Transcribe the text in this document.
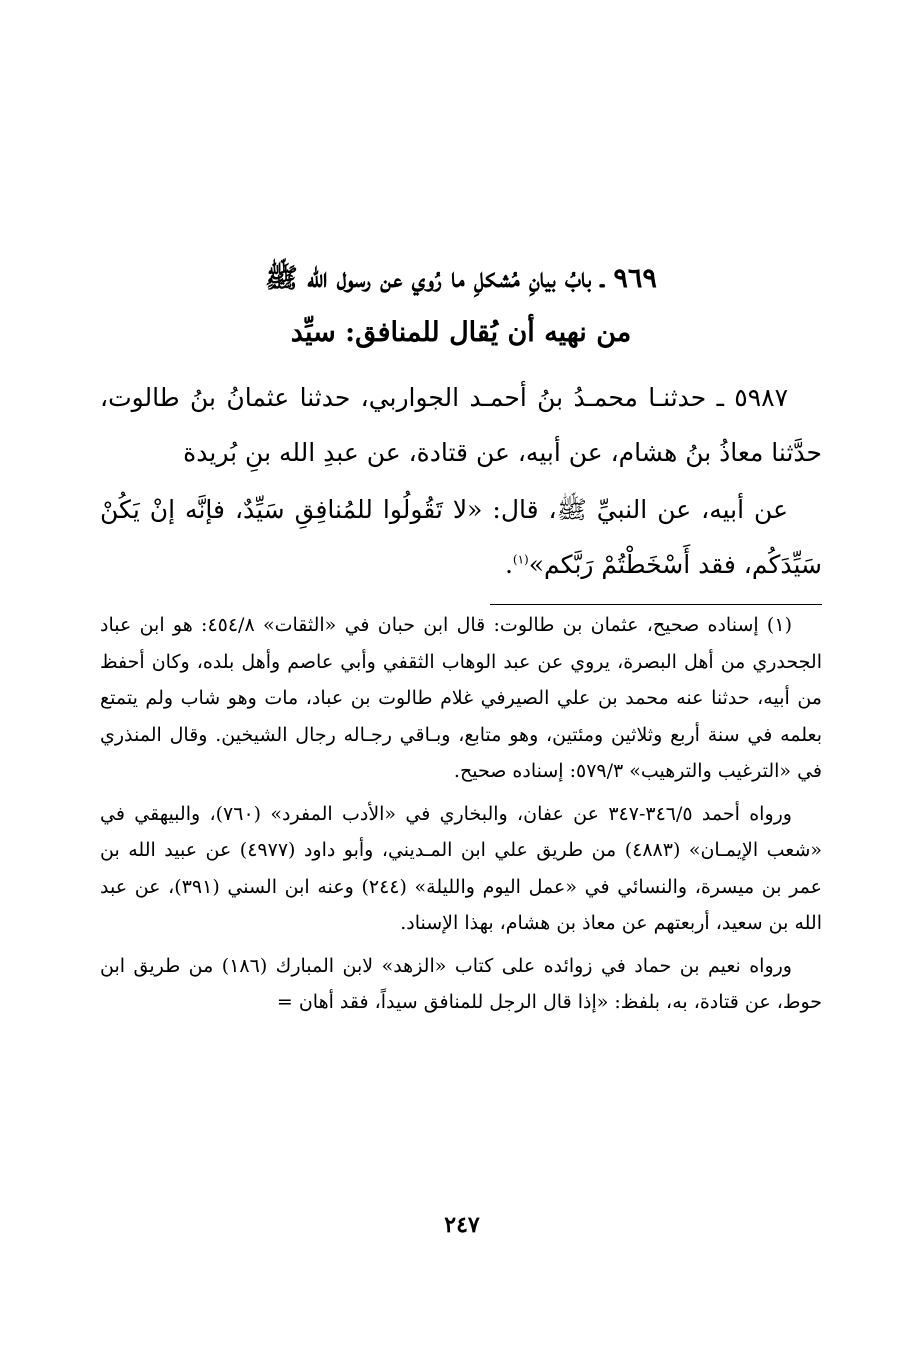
٩٦٩ ـ بابُ بيانِ مُشكلِ ما رُوي عن رسول الله ﷺ
من نهيه أن يُقال للمنافق: سيِّد

٥٩٨٧ ـ حدثنـا محمـدُ بنُ أحمـد الجواربي، حدثنا عثمانُ بنُ طالوت، حدَّثنا معاذُ بنُ هشام، عن أبيه، عن قتادة، عن عبدِ الله بنِ بُريدة

عن أبيه، عن النبيِّ ﷺ، قال: «لا تَقُولُوا للمُنافِقِ سَيِّدٌ، فإنَّه إنْ يَكُنْ سَيِّدَكُم، فقد أَسْخَطْتُمْ رَبَّكم»$^{(١)}$.

(١) إسناده صحيح، عثمان بن طالوت: قال ابن حبان في «الثقات» ٤٥٤/٨: هو ابن عباد الجحدري من أهل البصرة، يروي عن عبد الوهاب الثقفي وأبي عاصم وأهل بلده، وكان أحفظ من أبيه، حدثنا عنه محمد بن علي الصيرفي غلام طالوت بن عباد، مات وهو شاب ولم يتمتع بعلمه في سنة أربع وثلاثين ومئتين، وهو متابع، وبـاقي رجـاله رجال الشيخين. وقال المنذري في «الترغيب والترهيب» ٥٧٩/٣: إسناده صحيح.

ورواه أحمد ٣٤٦/٥-٣٤٧ عن عفان، والبخاري في «الأدب المفرد» (٧٦٠)، والبيهقي في «شعب الإيمـان» (٤٨٨٣) من طريق علي ابن المـديني، وأبو داود (٤٩٧٧) عن عبيد الله بن عمر بن ميسرة، والنسائي في «عمل اليوم والليلة» (٢٤٤) وعنه ابن السني (٣٩١)، عن عبد الله بن سعيد، أربعتهم عن معاذ بن هشام، بهذا الإسناد.

ورواه نعيم بن حماد في زوائده على كتاب «الزهد» لابن المبارك (١٨٦) من طريق ابن حوط، عن قتادة، به، بلفظ: «إذا قال الرجل للمنافق سيداً، فقد أهان =

٢٤٧
